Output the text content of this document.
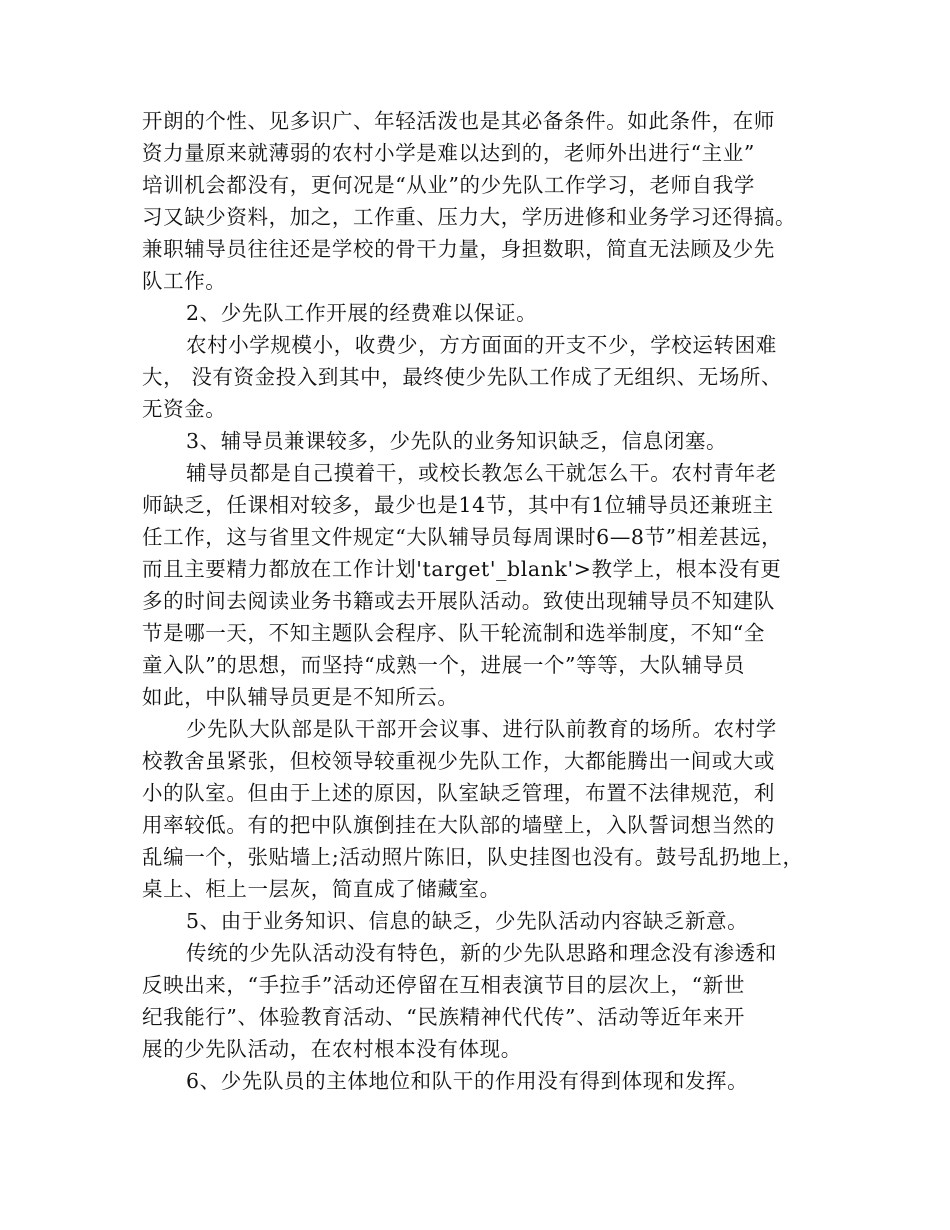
开朗的个性、见多识广、年轻活泼也是其必备条件。如此条件，在师
资力量原来就薄弱的农村小学是难以达到的，老师外出进行“主业”
培训机会都没有，更何况是“从业”的少先队工作学习，老师自我学
习又缺少资料，加之，工作重、压力大，学历进修和业务学习还得搞。
兼职辅导员往往还是学校的骨干力量，身担数职，简直无法顾及少先
队工作。
2、少先队工作开展的经费难以保证。
农村小学规模小，收费少，方方面面的开支不少，学校运转困难
大， 没有资金投入到其中，最终使少先队工作成了无组织、无场所、
无资金。
3、辅导员兼课较多，少先队的业务知识缺乏，信息闭塞。
辅导员都是自己摸着干，或校长教怎么干就怎么干。农村青年老
师缺乏，任课相对较多，最少也是14节，其中有1位辅导员还兼班主
任工作，这与省里文件规定“大队辅导员每周课时6—8节”相差甚远，
而且主要精力都放在工作计划'target'_blank'>教学上，根本没有更
多的时间去阅读业务书籍或去开展队活动。致使出现辅导员不知建队
节是哪一天，不知主题队会程序、队干轮流制和选举制度，不知“全
童入队”的思想，而坚持“成熟一个，进展一个”等等，大队辅导员
如此，中队辅导员更是不知所云。
少先队大队部是队干部开会议事、进行队前教育的场所。农村学
校教舍虽紧张，但校领导较重视少先队工作，大都能腾出一间或大或
小的队室。但由于上述的原因，队室缺乏管理，布置不法律规范，利
用率较低。有的把中队旗倒挂在大队部的墙壁上，入队誓词想当然的
乱编一个，张贴墙上;活动照片陈旧，队史挂图也没有。鼓号乱扔地上，
桌上、柜上一层灰，简直成了储藏室。
5、由于业务知识、信息的缺乏，少先队活动内容缺乏新意。
传统的少先队活动没有特色，新的少先队思路和理念没有渗透和
反映出来，“手拉手”活动还停留在互相表演节目的层次上，“新世
纪我能行”、体验教育活动、“民族精神代代传”、活动等近年来开
展的少先队活动，在农村根本没有体现。
6、少先队员的主体地位和队干的作用没有得到体现和发挥。
